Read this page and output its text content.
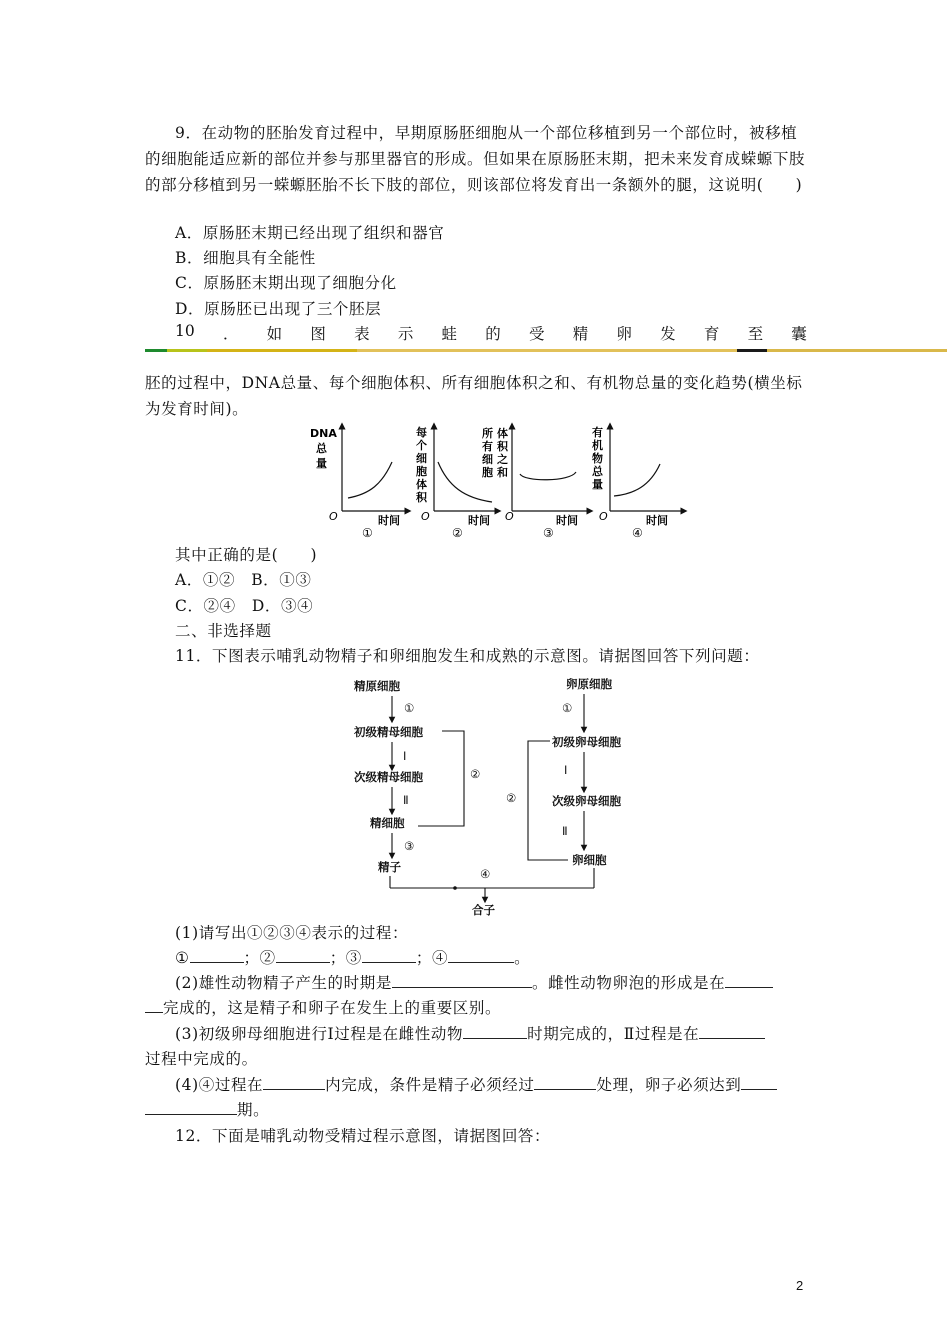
9．在动物的胚胎发育过程中，早期原肠胚细胞从一个部位移植到另一个部位时，被移植的细胞能适应新的部位并参与那里器官的形成。但如果在原肠胚末期，把未来发育成蝾螈下肢的部分移植到另一蝾螈胚胎不长下肢的部位，则该部位将发育出一条额外的腿，这说明(　　)
A．原肠胚末期已经出现了组织和器官
B．细胞具有全能性
C．原肠胚末期出现了细胞分化
D．原肠胚已出现了三个胚层
10 ． 如 图 表 示 蛙 的 受 精 卵 发 育 至 囊
胚的过程中，DNA总量、每个细胞体积、所有细胞体积之和、有机物总量的变化趋势(横坐标为发育时间)。
DNA
总
量
O	时间
①
每
个
细
胞
体
积
O	时间
②
所
有
细
胞
体
积
之
和
O	时间
③
有
机
物
总
量
O	时间
④
其中正确的是(　　)
A．①②　B．①③
C．②④　D．③④
二、非选择题
11．下图表示哺乳动物精子和卵细胞发生和成熟的示意图。请据图回答下列问题：
精原细胞
①
初级精母细胞
Ⅰ
次级精母细胞
Ⅱ
精细胞
③
精子
②
卵原细胞
①
初级卵母细胞
Ⅰ
次级卵母细胞
Ⅱ
卵细胞
②
④
合子
(1)请写出①②③④表示的过程：
①	；②	；③	；④	。
(2)雄性动物精子产生的时期是	。雌性动物卵泡的形成是在
完成的，这是精子和卵子在发生上的重要区别。
(3)初级卵母细胞进行Ⅰ过程是在雌性动物	时期完成的，Ⅱ过程是在
过程中完成的。
(4)④过程在	内完成，条件是精子必须经过	处理，卵子必须达到
期。
12．下面是哺乳动物受精过程示意图，请据图回答：
2
